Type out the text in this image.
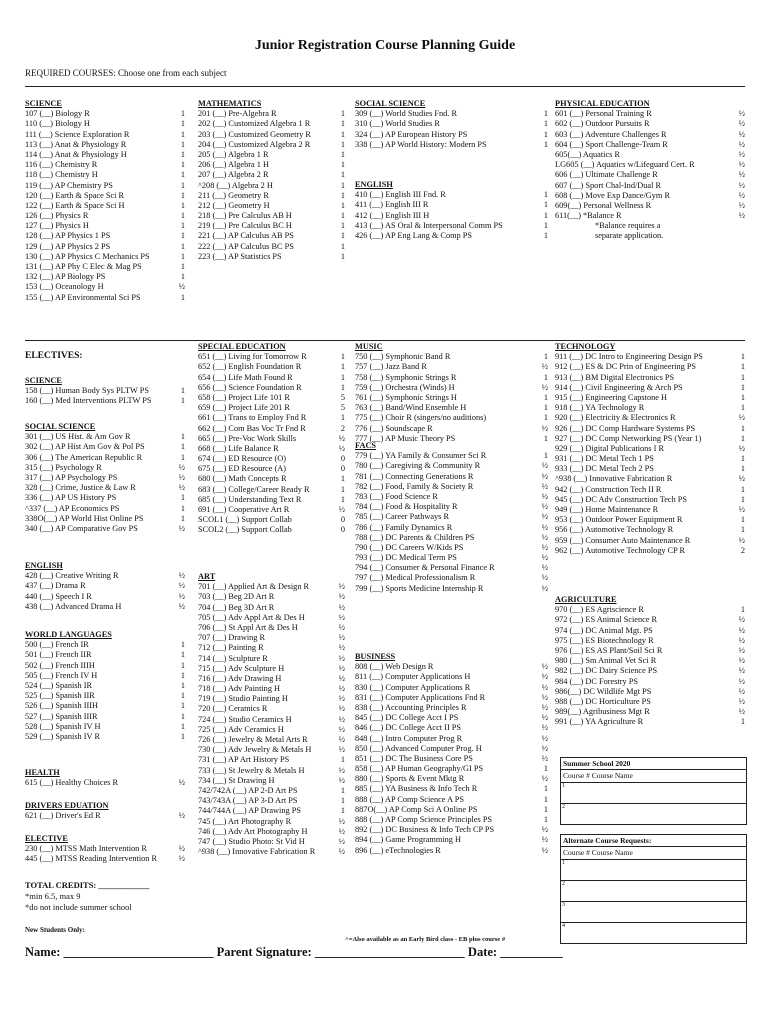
Junior Registration Course Planning Guide
REQUIRED COURSES: Choose one from each subject
ELECTIVES:
SCIENCE
107 (__) Biology R	1
110 (__) Biology H	1
111 (__) Science Exploration R	1
113 (__) Anat & Physiology R	1
114 (__) Anat & Physiology H	1
116 (__) Chemistry R	1
118 (__) Chemistry H	1
119 (__) AP Chemistry PS	1
120 (__) Earth & Space Sci R	1
122 (__) Earth & Space Sci H	1
126 (__) Physics R	1
127 (__) Physics H	1
128 (__) AP Physics 1 PS	1
129 (__) AP Physics 2 PS	1
130 (__) AP Physics C Mechanics PS	1
131 (__) AP Phy C Elec & Mag PS	1
132 (__) AP Biology PS	1
153 (__) Oceanology H	½
155 (__) AP Environmental Sci PS	1
MATHEMATICS
201 (__) Pre-Algebra R	1
202 (__) Customized Algebra 1 R	1
203 (__) Customized Geometry R	1
204 (__) Customized Algebra 2 R	1
205 (__) Algebra 1 R	1
206 (__) Algebra 1 H	1
207 (__) Algebra 2 R	1
^208 (__) Algebra 2 H	1
211 (__) Geometry R	1
212 (__) Geometry H	1
218 (__) Pre Calculus AB H	1
219 (__) Pre Calculus BC H	1
221 (__) AP Calculus AB PS	1
222 (__) AP Calculus BC PS	1
223 (__) AP Statistics PS	1
SOCIAL SCIENCE
309 (__) World Studies Fnd. R	1
310 (__) World Studies R	1
324 (__) AP European History PS	1
338 (__) AP World History: Modern PS	1
ENGLISH
410 (__) English III Fnd. R	1
411 (__) English III R	1
412 (__) English III H	1
413 (__) AS Oral & Interpersonal Comm PS	1
426 (__) AP Eng Lang & Comp PS	1
PHYSICAL EDUCATION
601 (__) Personal Training R	½
602 (__) Outdoor Pursuits R	½
603 (__) Adventure Challenges R	½
604 (__) Sport Challenge-Team R	½
605(__) Aquatics R	½
LG605 (__) Aquatics w/Lifeguard Cert. R	½
606 (__) Ultimate Challenge R	½
607 (__) Sport Chal-Ind/Dual R	½
608 (__) Move Exp Dance/Gym R	½
609(__) Personal Wellness R	½
611(__) *Balance R	½
*Balance requires a
separate application.
SCIENCE
158 (__) Human Body Sys PLTW PS	1
160 (__) Med Interventions PLTW PS	1
SOCIAL SCIENCE
301 (__) US Hist. & Am Gov R	1
302 (__) AP Hist Am Gov & Pol PS	1
306 (__) The American Republic R	1
315 (__) Psychology R	½
317 (__) AP Psychology PS	½
328 (__) Crime, Justice & Law R	½
336 (__) AP US History PS	1
^337 (__) AP Economics PS	1
338O(__) AP World Hist Online PS	1
340 (__) AP Comparative Gov PS	½
ENGLISH
428 (__) Creative Writing R	½
437 (__) Drama R	½
440 (__) Speech I R	½
438 (__) Advanced Drama H	½
WORLD LANGUAGES
500 (__) French IR	1
501 (__) French IIR	1
502 (__) French IIIH	1
505 (__) French IV H	1
524 (__) Spanish IR	1
525 (__) Spanish IIR	1
526 (__) Spanish IIIH	1
527 (__) Spanish IIIR	1
528 (__) Spanish IV H	1
529 (__) Spanish IV R	1
HEALTH
615 (__) Healthy Choices R	½
DRIVERS EDUATION
621 (__) Driver's Ed R	½
ELECTIVE
230 (__) MTSS Math Intervention R	½
445 (__) MTSS Reading Intervention R	½
SPECIAL EDUCATION
651 (__) Living for Tomorrow R	1
652 (__) English Foundation R	1
654 (__) Life Math Found R	1
656 (__) Science Foundation R	1
658 (__) Project Life 101 R	5
659 (__) Project Life 201 R	5
661 (__) Trans to Employ Fnd R	1
662 (__) Com Bas Voc Tr Fnd R	2
665 (__) Pre-Voc Work Skills	½
668 (__) Life Balance R	½
674 (__) ED Resource (O)	0
675 (__) ED Resource (A)	0
680 (__) Math Concepts R	1
683 (__) College/Career Ready R	1
685 (__) Understanding Text R	1
691 (__) Cooperative Art R	½
SCOL1 (__) Support Collab	0
SCOL2 (__) Support Collab	0
ART
701 (__) Applied Art & Design R	½
703 (__) Beg 2D Art R	½
704 (__) Beg 3D Art R	½
705 (__) Adv Appl Art & Des H	½
706 (__) St Appl Art & Des H	½
707 (__) Drawing R	½
712 (__) Painting R	½
714 (__) Sculpture R	½
715 (__) Adv Sculpture H	½
716 (__) Adv Drawing H	½
718 (__) Adv Painting H	½
719 (__) Studio Painting H	½
720 (__) Ceramics R	½
724 (__) Studio Ceramics H	½
725 (__) Adv Ceramics H	½
726 (__) Jewelry & Metal Arts R	½
730 (__) Adv Jewelry & Metals H	½
731 (__) AP Art History PS	1
733 (__) St Jewelry & Metals H	½
734 (__) St Drawing H	½
742/742A (__) AP 2-D Art PS	1
743/743A (__) AP 3-D Art PS	1
744/744A (__) AP Drawing PS	1
745 (__) Art Photography R	½
746 (__) Adv Art Photography H	½
747 (__) Studio Photo: St Vid H	½
^938 (__) Innovative Fabrication R	½
MUSIC
750 (__) Symphonic Band R	1
757 (__) Jazz Band R	½
758 (__) Symphonic Strings R	1
759 (__) Orchestra (Winds) H	½
761 (__) Symphonic Strings H	1
763 (__) Band/Wind Ensemble H	1
775 (__) Choir R (singers/no auditions)	1
776 (__) Soundscape R	½
777 (__) AP Music Theory PS	1
FACS
779 (__) YA Family & Consumer Sci R	1
780 (__) Caregiving & Community R	½
781 (__) Connecting Generations R	½
782 (__) Food, Family & Society R	½
783 (__) Food Science R	½
784 (__) Food & Hospitality R	½
785 (__) Career Pathways R	½
786 (__) Family Dynamics R	½
788 (__) DC Parents & Children PS	½
790 (__) DC Careers W/Kids PS	½
793 (__) DC Medical Term PS	½
794 (__) Consumer & Personal Finance R	½
797 (__) Medical Professionalism R	½
799 (__) Sports Medicine Internship R	½
BUSINESS
808 (__) Web Design R	½
811 (__) Computer Applications H	½
830 (__) Computer Applications R	½
831 (__) Computer Applications Fnd R	½
838 (__) Accounting Principles R	½
845 (__) DC College Acct I PS	½
846 (__) DC College Acct II PS	½
848 (__) Intro Computer Prog R	½
850 (__) Advanced Computer Prog. H	½
851 (__) DC The Business Core PS	½
858 (__) AP Human Geography/GI PS	1
880 (__) Sports & Event Mktg R	½
885 (__) YA Business & Info Tech R	1
888 (__) AP Comp Science A PS	1
887O(__) AP Comp Sci A Online PS	1
888 (__) AP Comp Science Principles PS	1
892 (__) DC Business & Info Tech CP PS	½
894 (__) Game Programming H	½
896 (__) eTechnologies R	½
TECHNOLOGY
911 (__) DC Intro to Engineering Design PS	1
912 (__) ES & DC Prin of Engineering PS	1
913 (__) BM Digital Electronics PS	1
914 (__) Civil Engineering & Arch PS	1
915 (__) Engineering Capstone H	1
918 (__) YA Technology R	1
920 (__) Electricity & Electronics R	½
926 (__) DC Comp Hardware Systems PS	1
927 (__) DC Comp Networking PS (Year 1)	1
929 (__) Digital Publications I R	½
931 (__) DC Metal Tech 1 PS	1
933 (__) DC Metal Tech 2 PS	1
^938 (__) Innovative Fabrication R	½
942 (__) Construction Tech II R	1
945 (__) DC Adv Construction Tech PS	1
949 (__) Home Maintenance R	½
953 (__) Outdoor Power Equipment R	1
956 (__) Automotive Technology R	1
959 (__) Consumer Auto Maintenance R	½
962 (__) Automotive Technology CP R	2
AGRICULTURE
970 (__) ES Agriscience R	1
972 (__) ES Animal Science R	½
974 (__) DC Animal Mgt. PS	½
975 (__) ES Biotechnology R	½
976 (__) ES AS Plant/Soil Sci R	½
980 (__) Sm Animal Vet Sci R	½
982 (__) DC Dairy Science PS	½
984 (__) DC Forestry PS	½
986(__) DC Wildlife Mgt PS	½
988 (__) DC Horticulture PS	½
989(__) Agribusiness Mgt R	½
991 (__) YA Agriculture R	1
Summer School 2020
Course # Course Name
1
2
Alternate Course Requests:
Course # Course Name
1
2
3
4
TOTAL CREDITS: ____________
*min 6.5, max 9
*do not include summer school
New Students Only:
^=Also available as an Early Bird class - EB plus course #
Name: ________________________ Parent Signature: ________________________ Date: __________
